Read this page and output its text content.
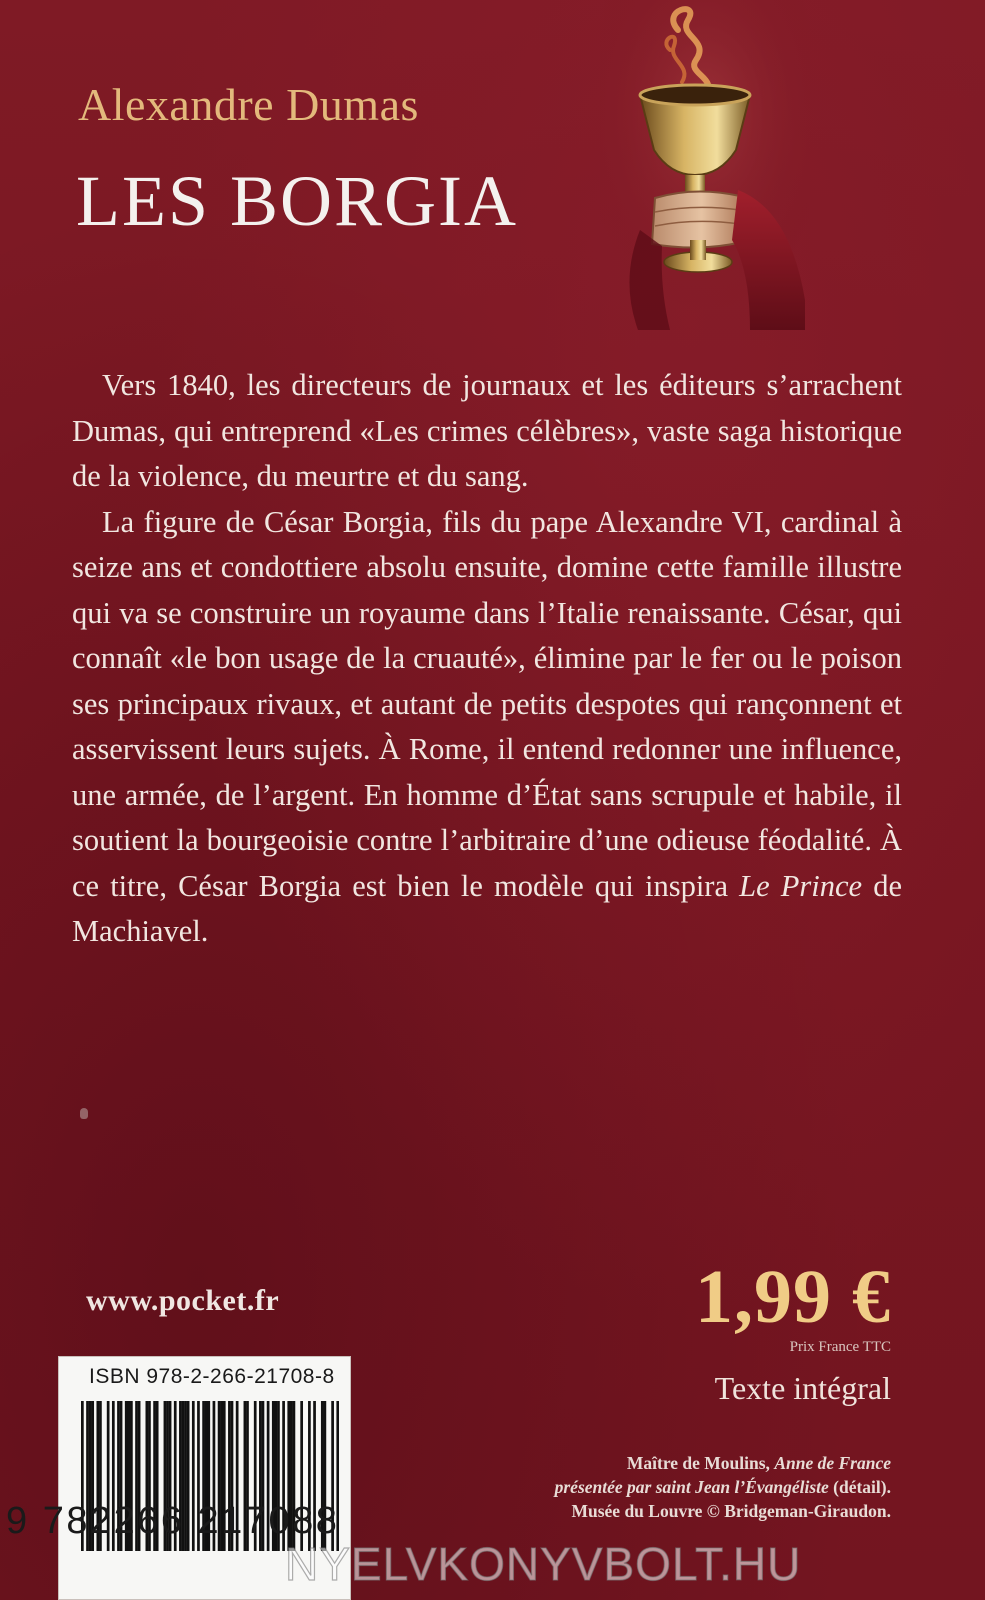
Alexandre Dumas
LES BORGIA

Vers 1840, les directeurs de journaux et les éditeurs s’arrachent Dumas, qui entreprend «Les crimes célèbres», vaste saga historique de la violence, du meurtre et du sang.

La figure de César Borgia, fils du pape Alexandre VI, cardinal à seize ans et condottiere absolu ensuite, domine cette famille illustre qui va se construire un royaume dans l’Italie renaissante. César, qui connaît «le bon usage de la cruauté», élimine par le fer ou le poison ses principaux rivaux, et autant de petits despotes qui rançonnent et asservissent leurs sujets. À Rome, il entend redonner une influence, une armée, de l’argent. En homme d’État sans scrupule et habile, il soutient la bourgeoisie contre l’arbitraire d’une odieuse féodalité. À ce titre, César Borgia est bien le modèle qui inspira Le Prince de Machiavel.

www.pocket.fr	1,99 €
Prix France TTC
Texte intégral
Maître de Moulins, Anne de France
présentée par saint Jean l’Évangéliste (détail).
Musée du Louvre © Bridgeman-Giraudon.
ISBN 978-2-266-21708-8
9 782266 217088
NYELVKONYVBOLT.HU
